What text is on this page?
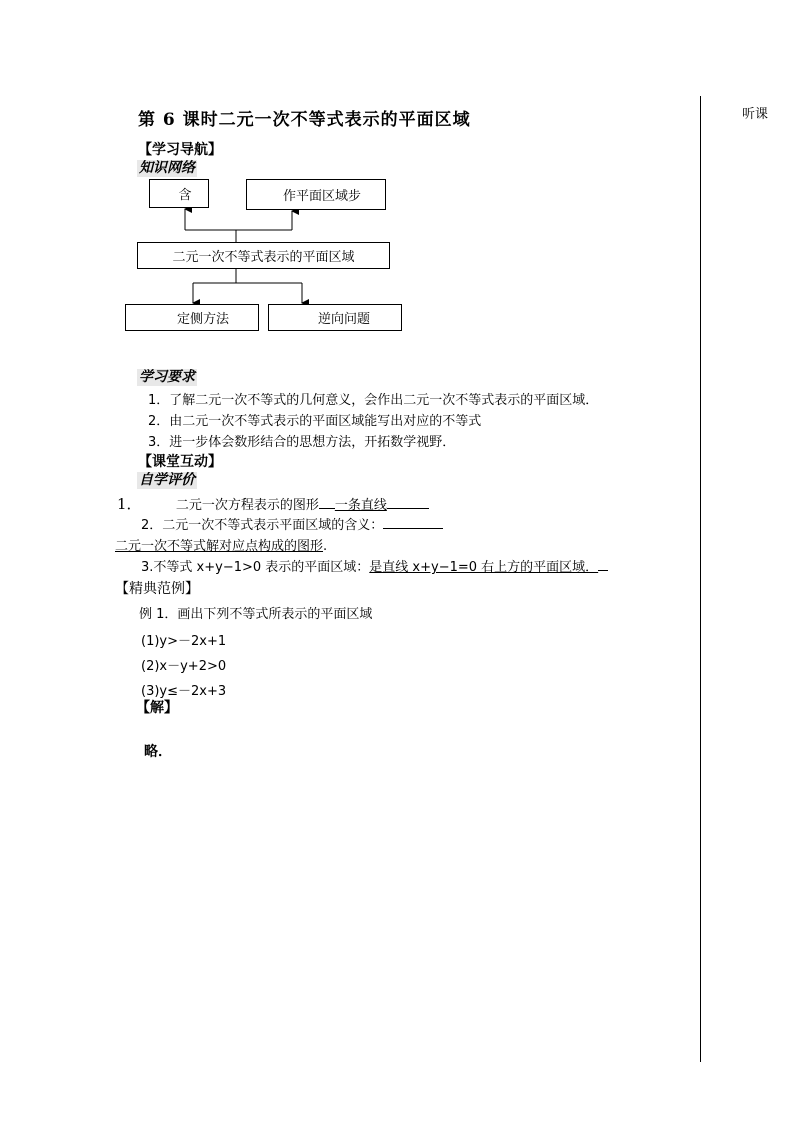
听课
第 6 课时二元一次不等式表示的平面区域
【学习导航】
知识网络
含	作平面区域步
二元一次不等式表示的平面区域
定侧方法	逆向问题
学习要求
1．了解二元一次不等式的几何意义，会作出二元一次不等式表示的平面区域．
2．由二元一次不等式表示的平面区域能写出对应的不等式
3．进一步体会数形结合的思想方法，开拓数学视野．
【课堂互动】
自学评价
1．	二元一次方程表示的图形 一条直线
2．二元一次不等式表示平面区域的含义：
二元一次不等式解对应点构成的图形.
3.不等式 x+y−1>0 表示的平面区域：是直线 x+y−1=0 右上方的平面区域．
【精典范例】
例 1．画出下列不等式所表示的平面区域
(1)y>－2x+1
(2)x－y+2>0
(3)y≤－2x+3
【解】
略．
